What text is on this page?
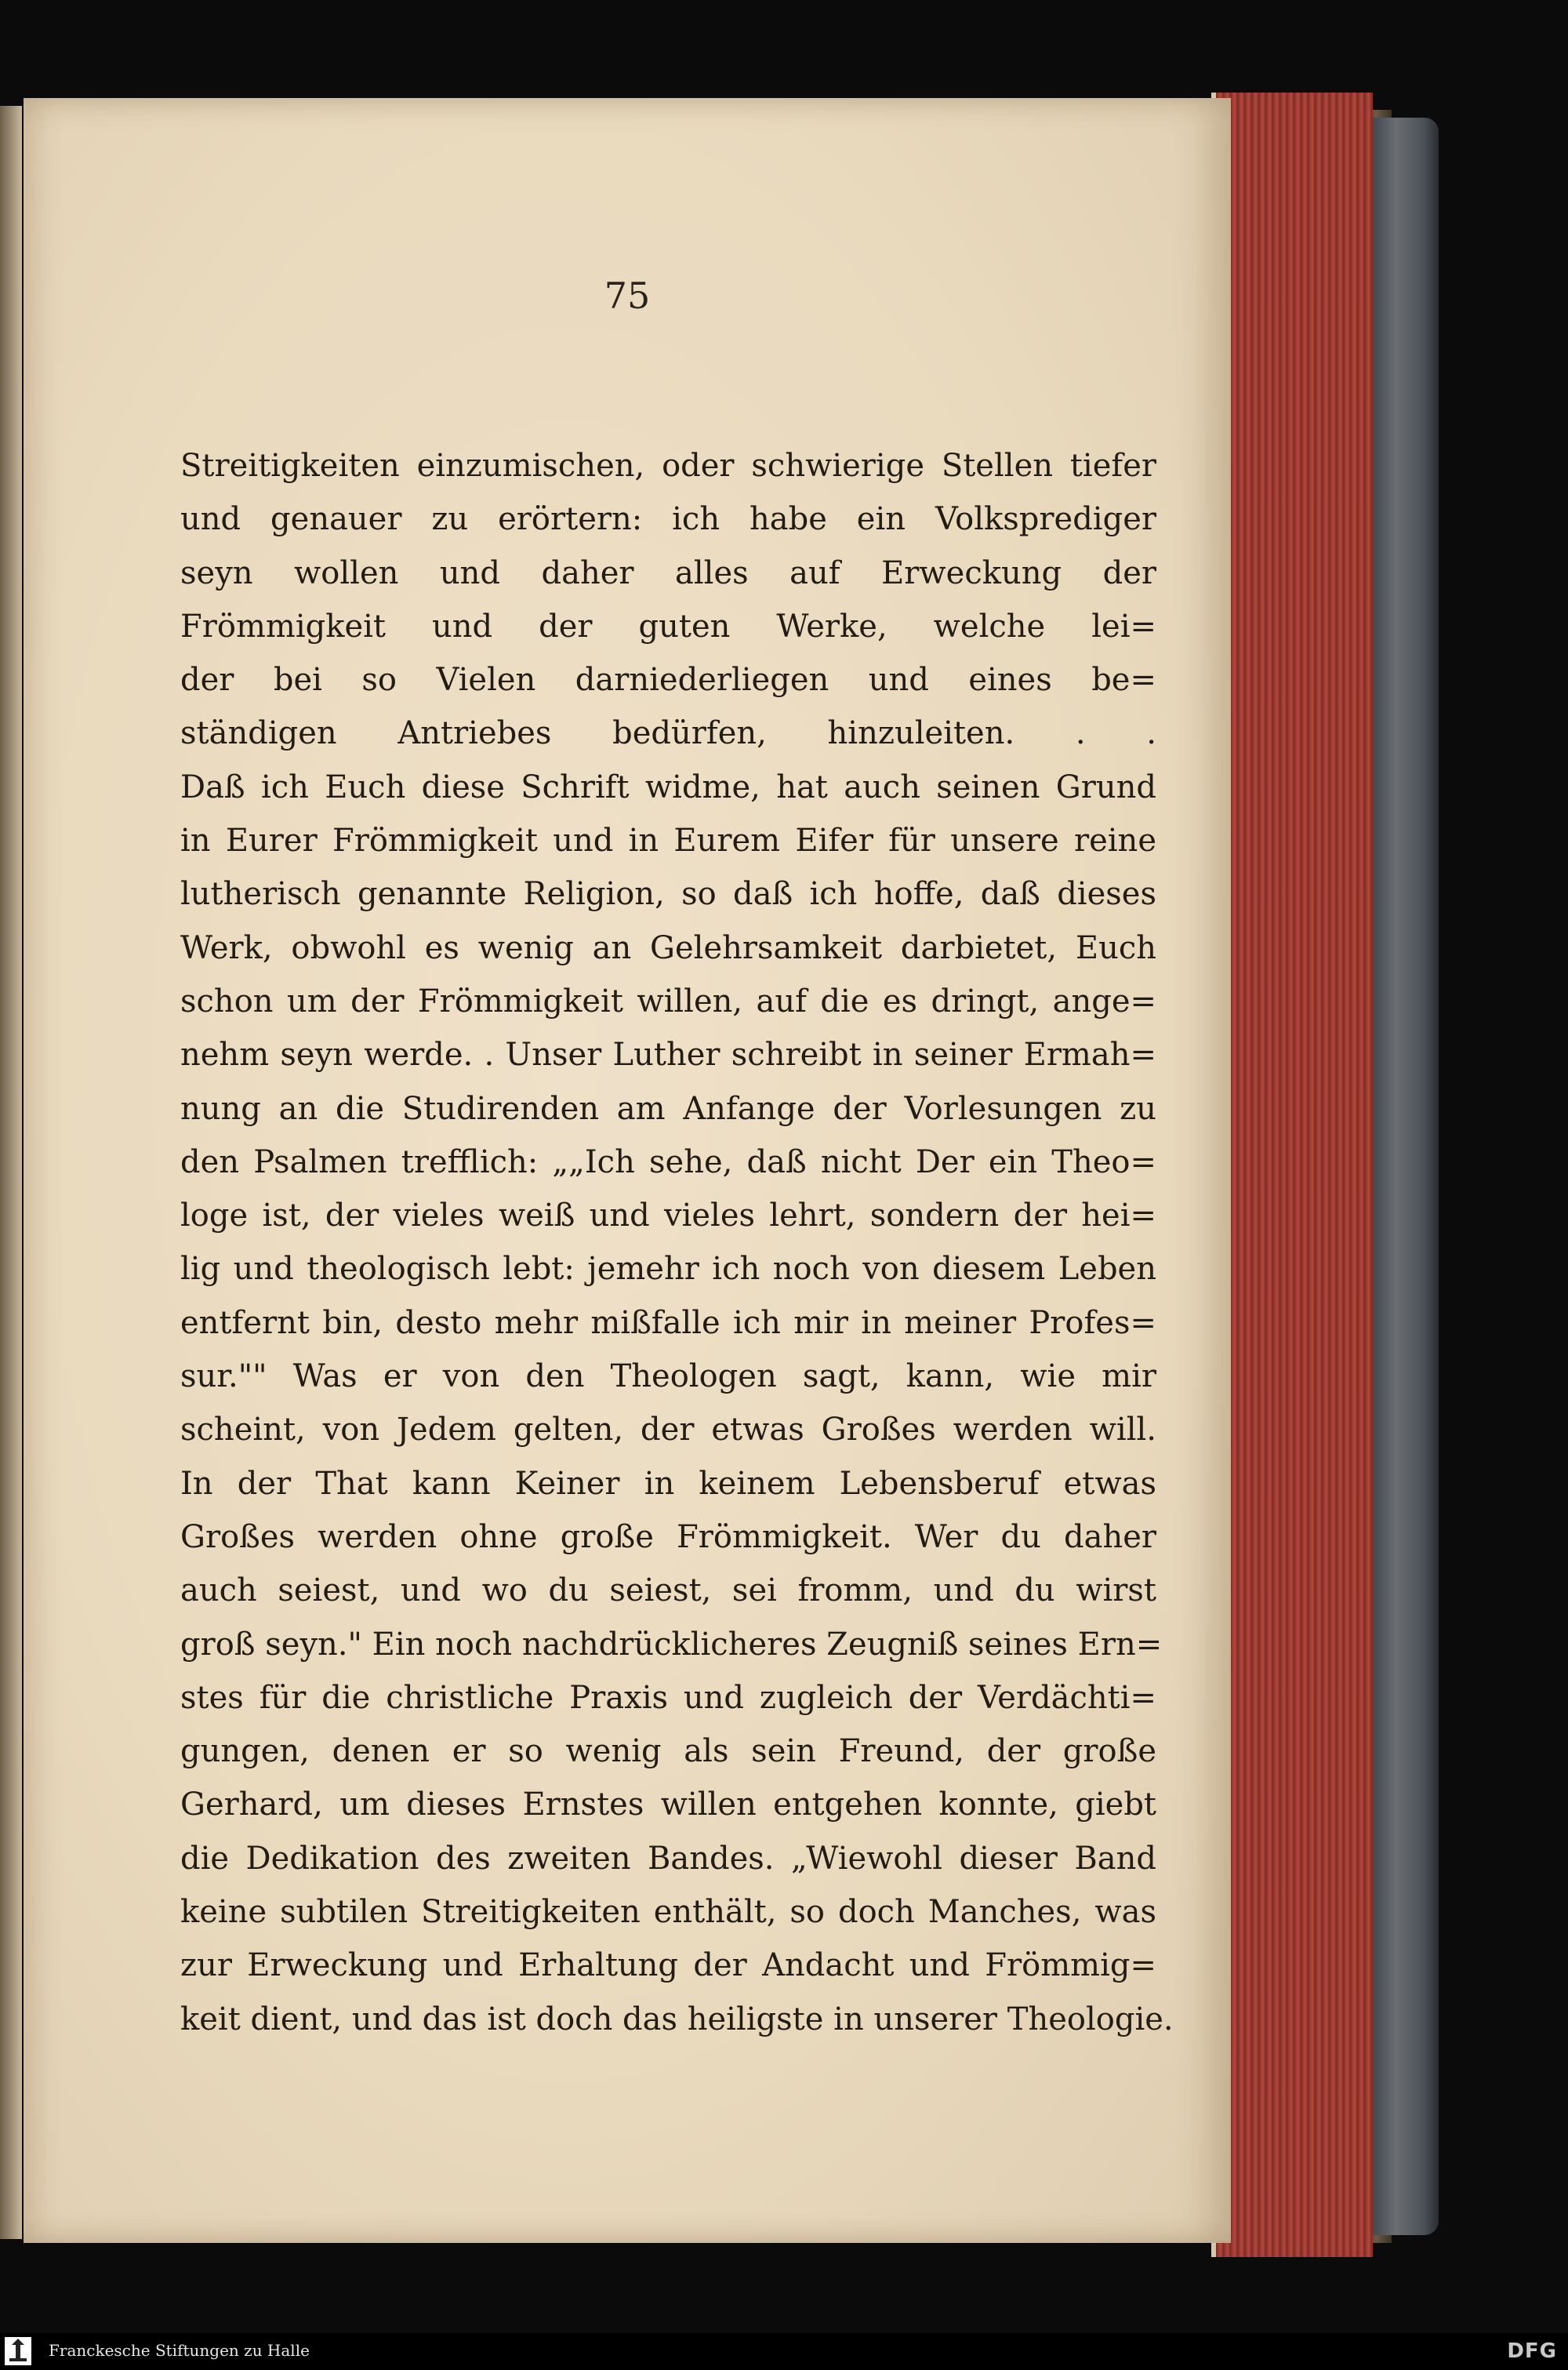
75
Streitigkeiten einzumischen, oder schwierige Stellen tiefer
und genauer zu erörtern: ich habe ein Volksprediger
seyn wollen und daher alles auf Erweckung der
Frömmigkeit und der guten Werke, welche lei=
der bei so Vielen darniederliegen und eines be=
ständigen Antriebes bedürfen, hinzuleiten. . .
Daß ich Euch diese Schrift widme, hat auch seinen Grund
in Eurer Frömmigkeit und in Eurem Eifer für unsere reine
lutherisch genannte Religion, so daß ich hoffe, daß dieses
Werk, obwohl es wenig an Gelehrsamkeit darbietet, Euch
schon um der Frömmigkeit willen, auf die es dringt, ange=
nehm seyn werde. . Unser Luther schreibt in seiner Ermah=
nung an die Studirenden am Anfange der Vorlesungen zu
den Psalmen trefflich: „„Ich sehe, daß nicht Der ein Theo=
loge ist, der vieles weiß und vieles lehrt, sondern der hei=
lig und theologisch lebt: jemehr ich noch von diesem Leben
entfernt bin, desto mehr mißfalle ich mir in meiner Profes=
sur."" Was er von den Theologen sagt, kann, wie mir
scheint, von Jedem gelten, der etwas Großes werden will.
In der That kann Keiner in keinem Lebensberuf etwas
Großes werden ohne große Frömmigkeit. Wer du daher
auch seiest, und wo du seiest, sei fromm, und du wirst
groß seyn." Ein noch nachdrücklicheres Zeugniß seines Ern=
stes für die christliche Praxis und zugleich der Verdächti=
gungen, denen er so wenig als sein Freund, der große
Gerhard, um dieses Ernstes willen entgehen konnte, giebt
die Dedikation des zweiten Bandes. „Wiewohl dieser Band
keine subtilen Streitigkeiten enthält, so doch Manches, was
zur Erweckung und Erhaltung der Andacht und Frömmig=
keit dient, und das ist doch das heiligste in unserer Theologie.
Franckesche Stiftungen zu Halle	DFG
